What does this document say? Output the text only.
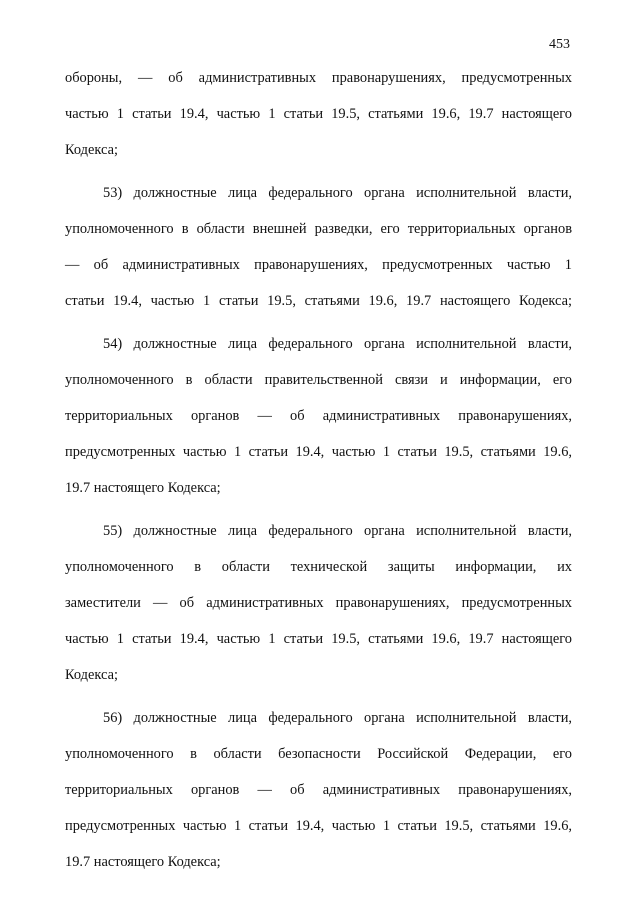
453
обороны, — об административных правонарушениях, предусмотренных
частью 1 статьи 19.4, частью 1 статьи 19.5, статьями 19.6, 19.7 настоящего
Кодекса;
53) должностные лица федерального органа исполнительной власти,
уполномоченного в области внешней разведки, его территориальных органов
— об административных правонарушениях, предусмотренных частью 1
статьи 19.4, частью 1 статьи 19.5, статьями 19.6, 19.7 настоящего Кодекса;
54) должностные лица федерального органа исполнительной власти,
уполномоченного в области правительственной связи и информации, его
территориальных органов — об административных правонарушениях,
предусмотренных частью 1 статьи 19.4, частью 1 статьи 19.5, статьями 19.6,
19.7 настоящего Кодекса;
55) должностные лица федерального органа исполнительной власти,
уполномоченного в области технической защиты информации, их
заместители — об административных правонарушениях, предусмотренных
частью 1 статьи 19.4, частью 1 статьи 19.5, статьями 19.6, 19.7 настоящего
Кодекса;
56) должностные лица федерального органа исполнительной власти,
уполномоченного в области безопасности Российской Федерации, его
территориальных органов — об административных правонарушениях,
предусмотренных частью 1 статьи 19.4, частью 1 статьи 19.5, статьями 19.6,
19.7 настоящего Кодекса;
